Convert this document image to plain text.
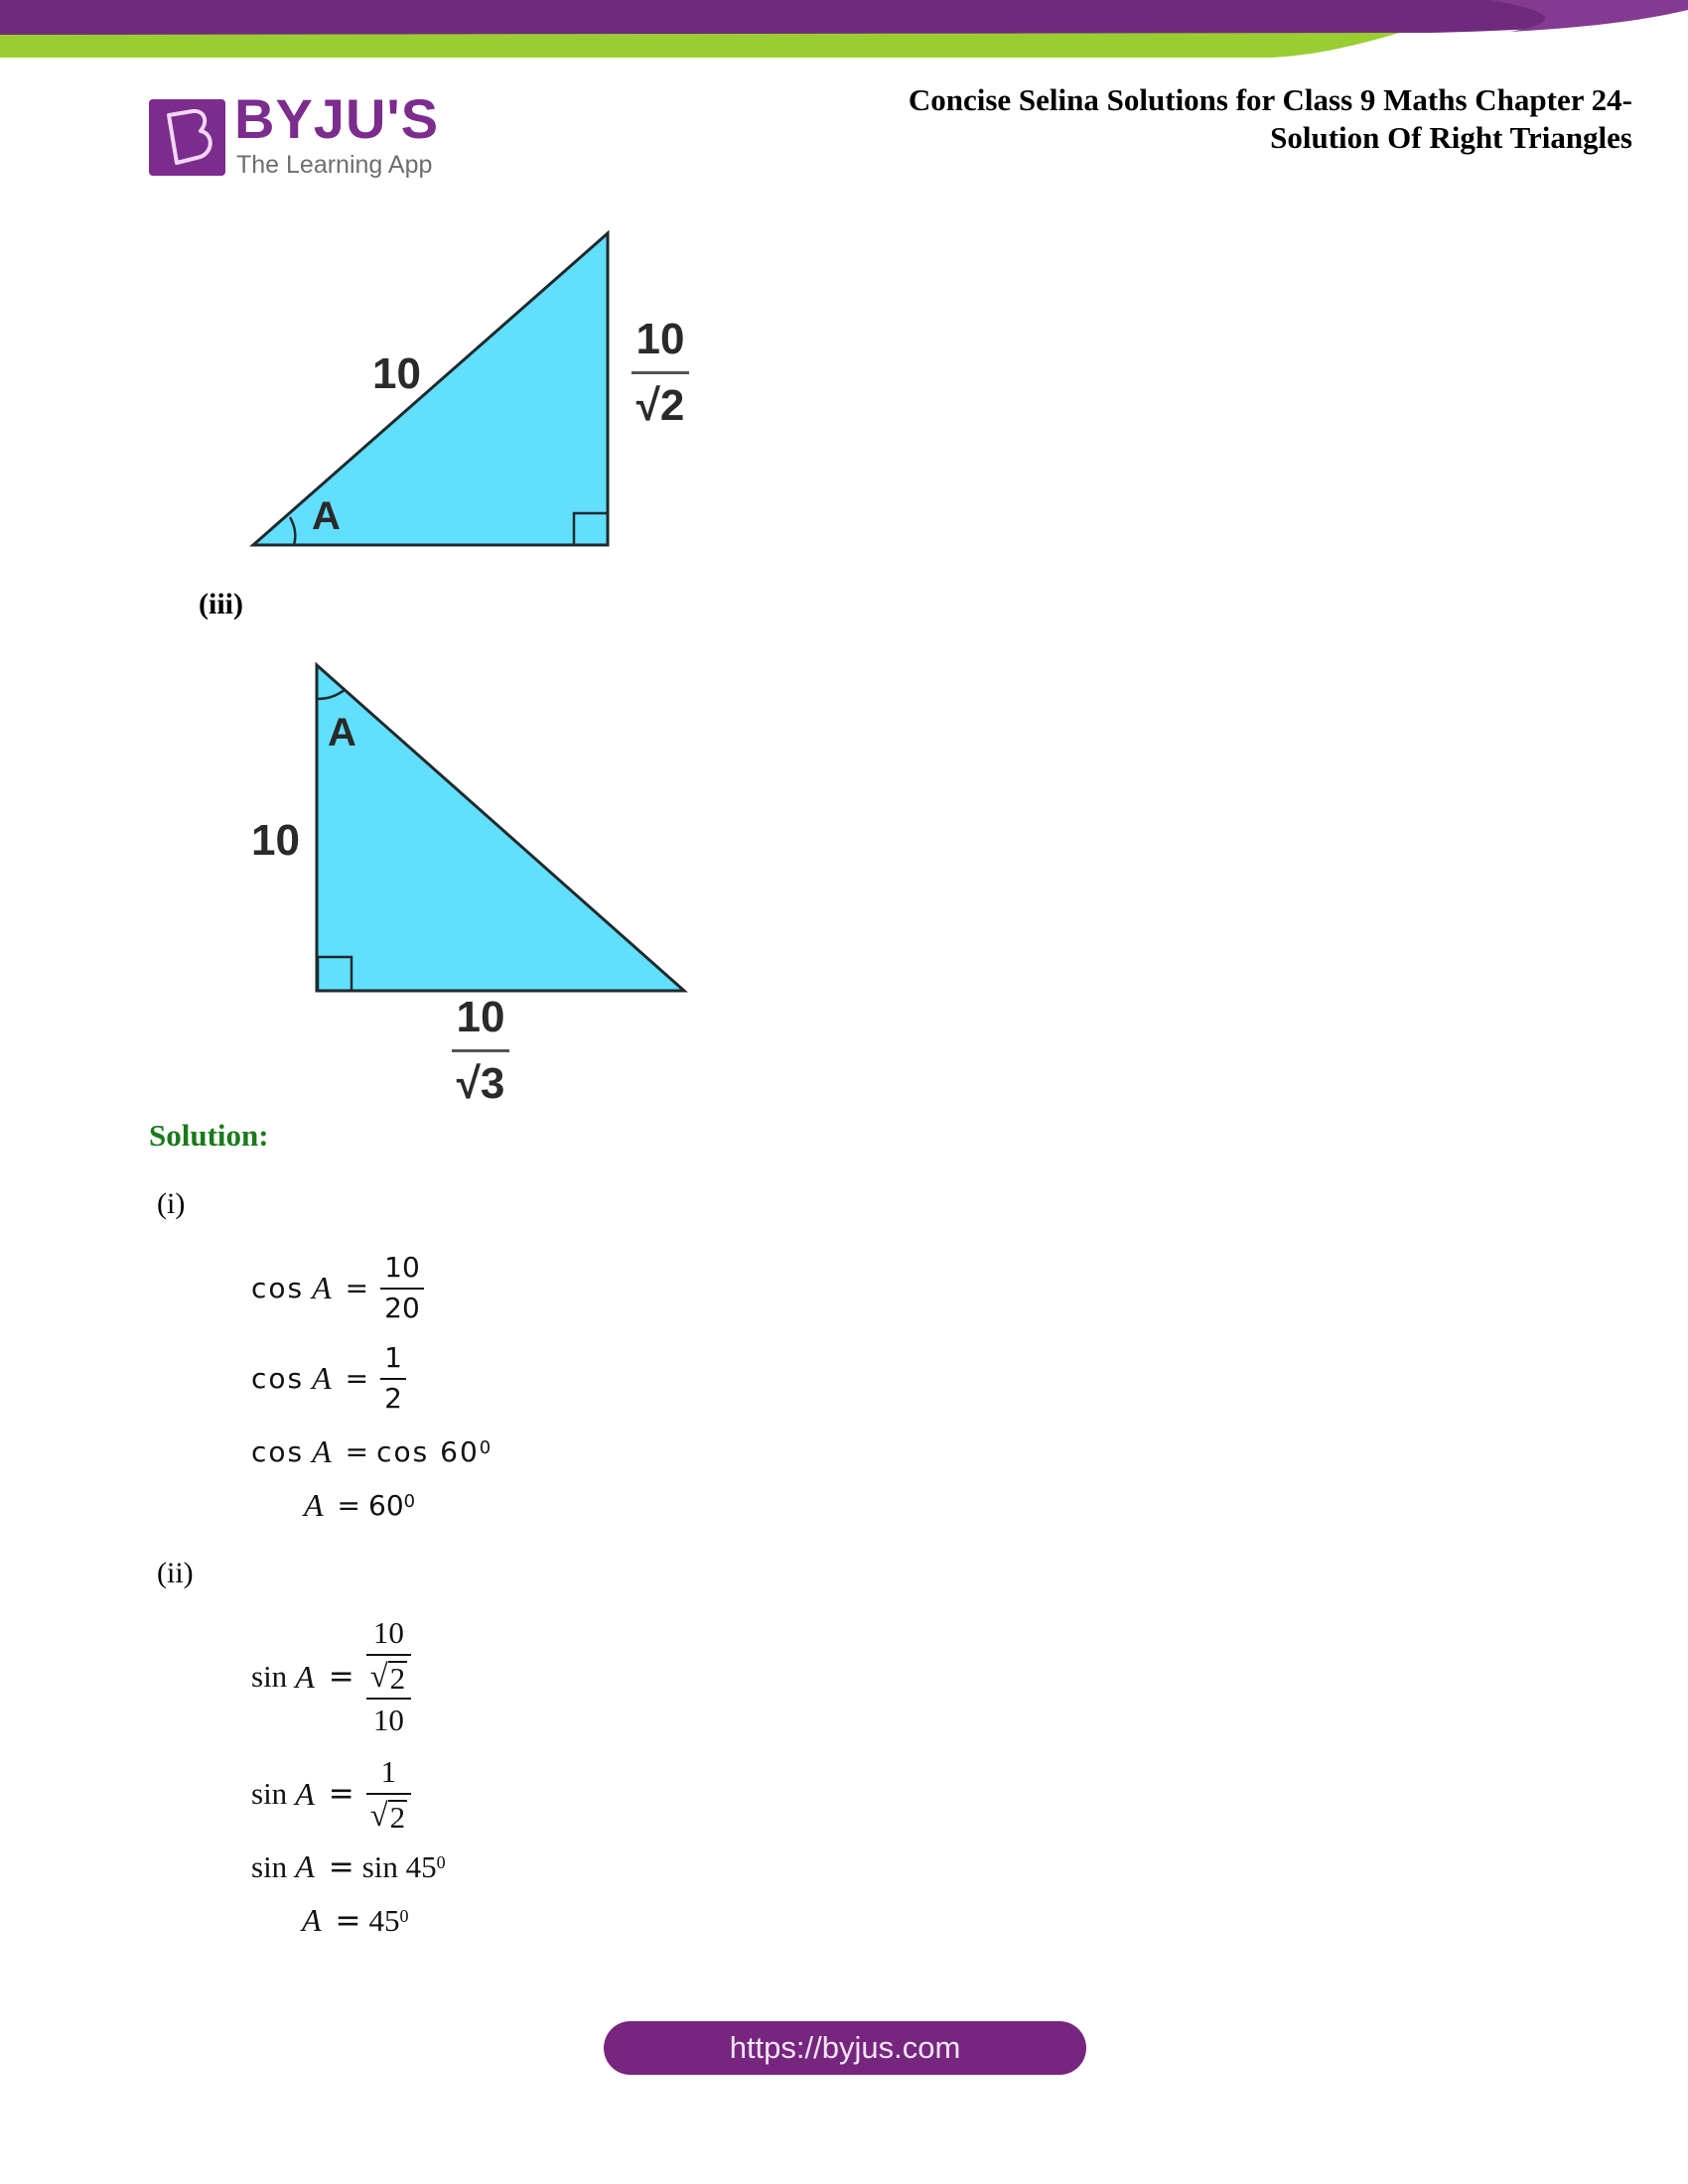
BYJU'S
The Learning App
Concise Selina Solutions for Class 9 Maths Chapter 24-
Solution Of Right Triangles
10
A
10
√2
(iii)
A
10
10
√3
Solution:
(i)
$\cos A = \frac{10}{20}$
$\cos A = \frac{1}{2}$
$\cos A = \cos 60^0$
$A = 60^0$
(ii)
$\sin A = \frac{\frac{10}{√ 2}}{10}$
$\sin A = \frac{1}{√ 2}$
$\sin A = \sin 45^0$
$A = 45^0$
https://byjus.com
